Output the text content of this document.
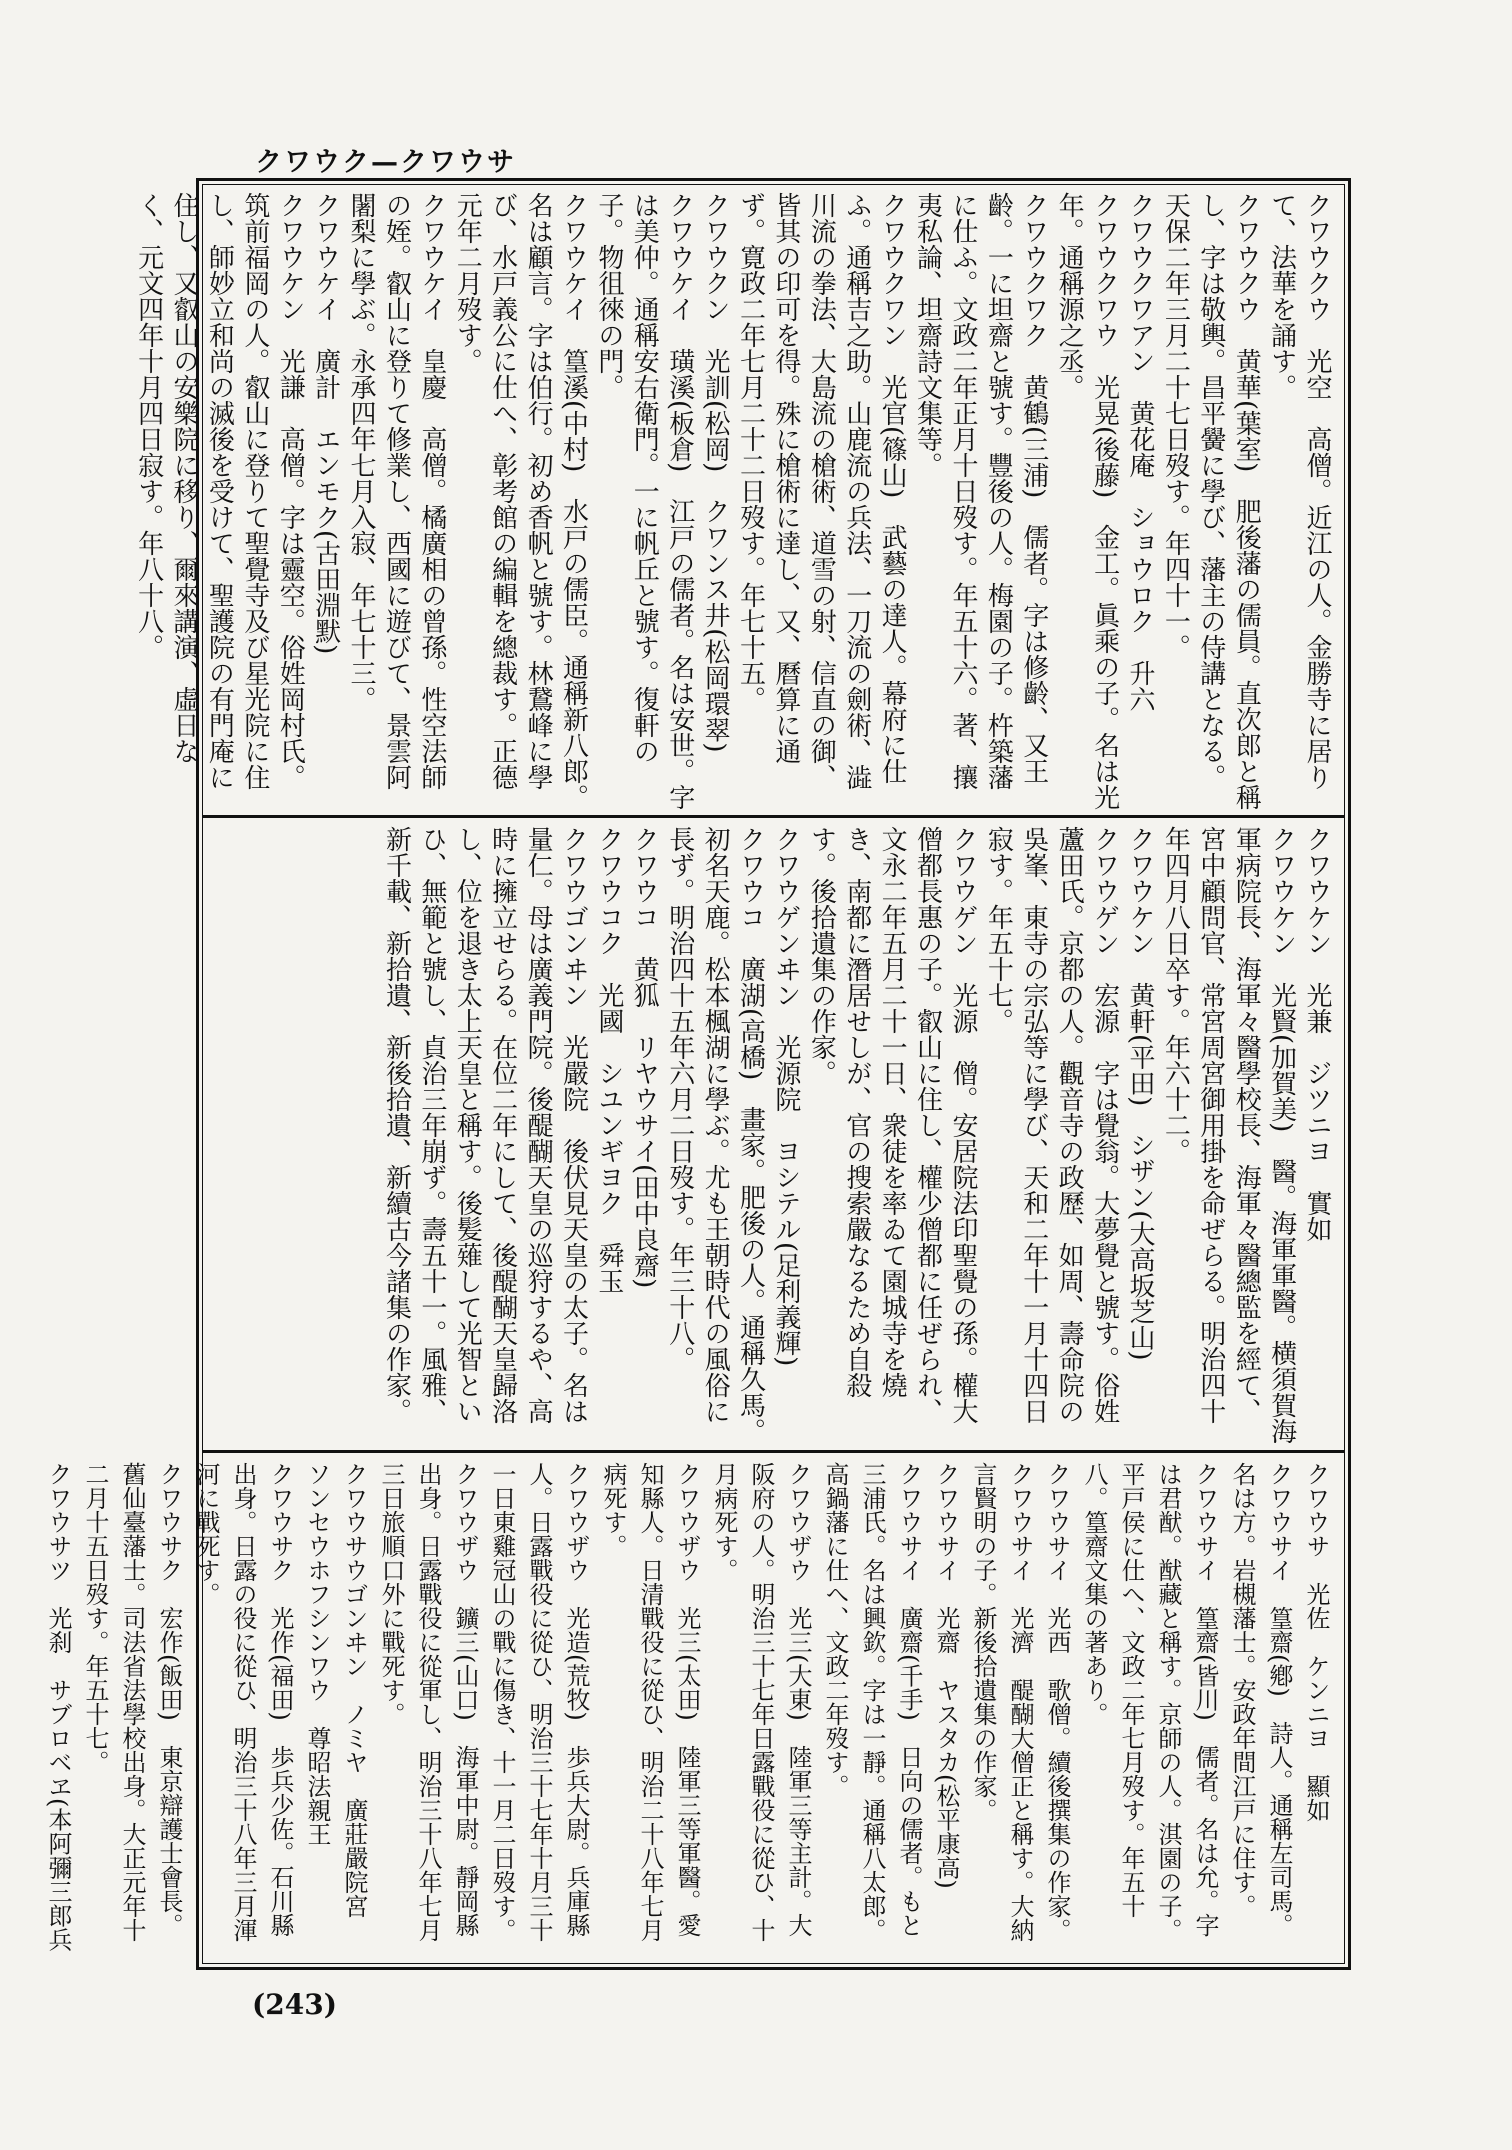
クワウク—クワウサ
クワウクウ　光空　高僧。近江の人。金勝寺に居りて、法華を誦す。
クワウクウ　黄華(葉室)　肥後藩の儒員。直次郎と稱し、字は敬輿。昌平黌に學び、藩主の侍講となる。天保二年三月二十七日歿す。年四十一。
クワウクワアン　黄花庵　ショウロク　升六
クワウクワウ　光晃(後藤)　金工。眞乘の子。名は光年。通稱源之丞。
クワウクワク　黄鶴(三浦)　儒者。字は修齡、又王齡。一に坦齋と號す。豐後の人。梅園の子。杵築藩に仕ふ。文政二年正月十日歿す。年五十六。著、攘夷私論、坦齋詩文集等。
クワウクワン　光官(篠山)　武藝の達人。幕府に仕ふ。通稱吉之助。山鹿流の兵法、一刀流の劍術、澁川流の拳法、大島流の槍術、道雪の射、信直の御、皆其の印可を得。殊に槍術に達し、又、曆算に通ず。寛政二年七月二十二日歿す。年七十五。
クワウクン　光訓(松岡)　クワンス井(松岡環翠)
クワウケイ　璜溪(板倉)　江戸の儒者。名は安世。字は美仲。通稱安右衛門。一に帆丘と號す。復軒の子。物徂徠の門。
クワウケイ　篁溪(中村)　水戸の儒臣。通稱新八郎。名は顧言。字は伯行。初め香帆と號す。林鵞峰に學び、水戸義公に仕へ、彰考館の編輯を總裁す。正德元年二月歿す。
クワウケイ　皇慶　高僧。橘廣相の曾孫。性空法師の姪。叡山に登りて修業し、西國に遊びて、景雲阿闍梨に學ぶ。永承四年七月入寂、年七十三。
クワウケイ　廣計　エンモク(古田淵默)
クワウケン　光謙　高僧。字は靈空。俗姓岡村氏。筑前福岡の人。叡山に登りて聖覺寺及び星光院に住し、師妙立和尚の滅後を受けて、聖護院の有門庵に住し、又叡山の安樂院に移り、爾來講演、虛日なく、元文四年十月四日寂す。年八十八。
クワウケン　光兼　ジツニヨ　實如
クワウケン　光賢(加賀美)　醫。海軍軍醫。横須賀海軍病院長、海軍々醫學校長、海軍々醫總監を經て、宮中顧問官、常宮周宮御用掛を命ぜらる。明治四十年四月八日卒す。年六十二。
クワウケン　黄軒(平田)　シザン(大高坂芝山)
クワウゲン　宏源　字は覺翁。大夢覺と號す。俗姓蘆田氏。京都の人。觀音寺の政歷、如周、壽命院の吳峯、東寺の宗弘等に學び、天和二年十一月十四日寂す。年五十七。
クワウゲン　光源　僧。安居院法印聖覺の孫。權大僧都長惠の子。叡山に住し、權少僧都に任ぜられ、文永二年五月二十一日、衆徒を率ゐて園城寺を燒き、南都に潛居せしが、官の搜索嚴なるため自殺す。後拾遺集の作家。
クワウゲンヰン　光源院　ヨシテル(足利義輝)
クワウコ　廣湖(高橋)　畫家。肥後の人。通稱久馬。初名天鹿。松本楓湖に學ぶ。尤も王朝時代の風俗に長ず。明治四十五年六月二日歿す。年三十八。
クワウコ　黄狐　リヤウサイ(田中良齋)
クワウコク　光國　シユンギヨク　舜玉
クワウゴンヰン　光嚴院　後伏見天皇の太子。名は量仁。母は廣義門院。後醍醐天皇の巡狩するや、高時に擁立せらる。在位二年にして、後醍醐天皇歸洛し、位を退き太上天皇と稱す。後髪薙して光智といひ、無範と號し、貞治三年崩ず。壽五十一。風雅、新千載、新拾遺、新後拾遺、新續古今諸集の作家。
クワウサ　光佐　ケンニヨ　顯如
クワウサイ　篁齋(鄕)　詩人。通稱左司馬。名は方。岩槻藩士。安政年間江戸に住す。
クワウサイ　篁齋(皆川)　儒者。名は允。字は君猷。猷藏と稱す。京師の人。淇園の子。平戸侯に仕へ、文政二年七月歿す。年五十八。篁齋文集の著あり。
クワウサイ　光西　歌僧。續後撰集の作家。
クワウサイ　光濟　醍醐大僧正と稱す。大納言賢明の子。新後拾遺集の作家。
クワウサイ　光齋　ヤスタカ(松平康高)
クワウサイ　廣齋(千手)　日向の儒者。もと三浦氏。名は興欽。字は一靜。通稱八太郎。高鍋藩に仕へ、文政二年歿す。
クワウザウ　光三(大東)　陸軍三等主計。大阪府の人。明治三十七年日露戰役に從ひ、十月病死す。
クワウザウ　光三(太田)　陸軍三等軍醫。愛知縣人。日清戰役に從ひ、明治二十八年七月病死す。
クワウザウ　光造(荒牧)　歩兵大尉。兵庫縣人。日露戰役に從ひ、明治三十七年十月三十一日東雞冠山の戰に傷き、十一月二日歿す。
クワウザウ　鑛三(山口)　海軍中尉。靜岡縣出身。日露戰役に從軍し、明治三十八年七月三日旅順口外に戰死す。
クワウサウゴンヰン　ノミヤ　廣莊嚴院宮
ソンセウホフシンワウ　尊昭法親王
クワウサク　光作(福田)　歩兵少佐。石川縣出身。日露の役に從ひ、明治三十八年三月渾河に戰死す。
クワウサク　宏作(飯田)　東京辯護士會長。舊仙臺藩士。司法省法學校出身。大正元年十二月十五日歿す。年五十七。
クワウサツ　光刹　サブロベヱ(本阿彌三郎兵
(243)
